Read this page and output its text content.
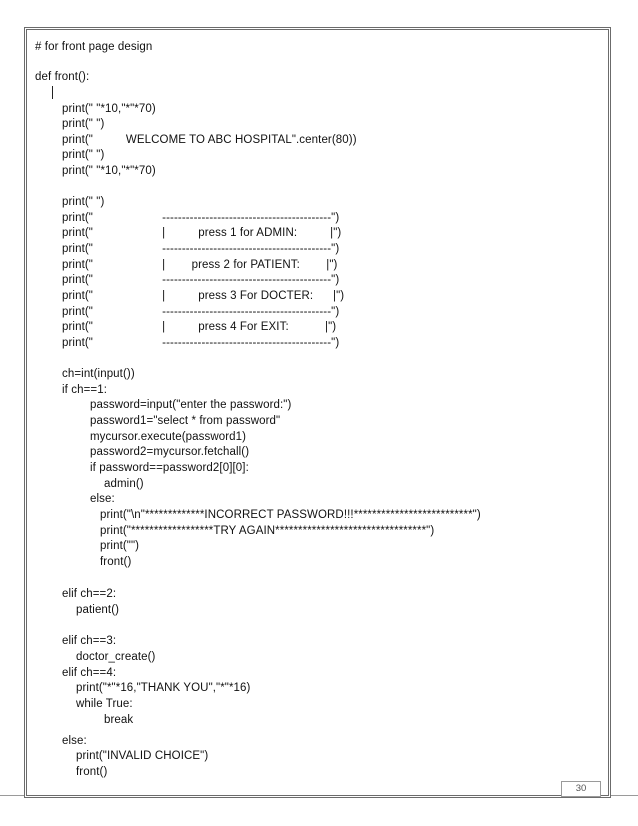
# for front page design
def front():
print(" "*10,"*"*70)
print(" ")
print("          WELCOME TO ABC HOSPITAL".center(80))
print(" ")
print(" "*10,"*"*70)
print(" ")
print("                     -------------------------------------------")
print("                     |          press 1 for ADMIN:          |")
print("                     -------------------------------------------")
print("                     |        press 2 for PATIENT:        |")
print("                     -------------------------------------------")
print("                     |          press 3 For DOCTER:      |")
print("                     -------------------------------------------")
print("                     |          press 4 For EXIT:           |")
print("                     -------------------------------------------")
ch=int(input())
if ch==1:
password=input("enter the password:")
password1="select * from password"
mycursor.execute(password1)
password2=mycursor.fetchall()
if password==password2[0][0]:
admin()
else:
print("\n"*************INCORRECT PASSWORD!!!**************************")
print("******************TRY AGAIN*********************************")
print("")
front()
elif ch==2:
patient()
elif ch==3:
doctor_create()
elif ch==4:
print("*"*16,"THANK YOU","*"*16)
while True:
break
else:
print("INVALID CHOICE")
front()
30
